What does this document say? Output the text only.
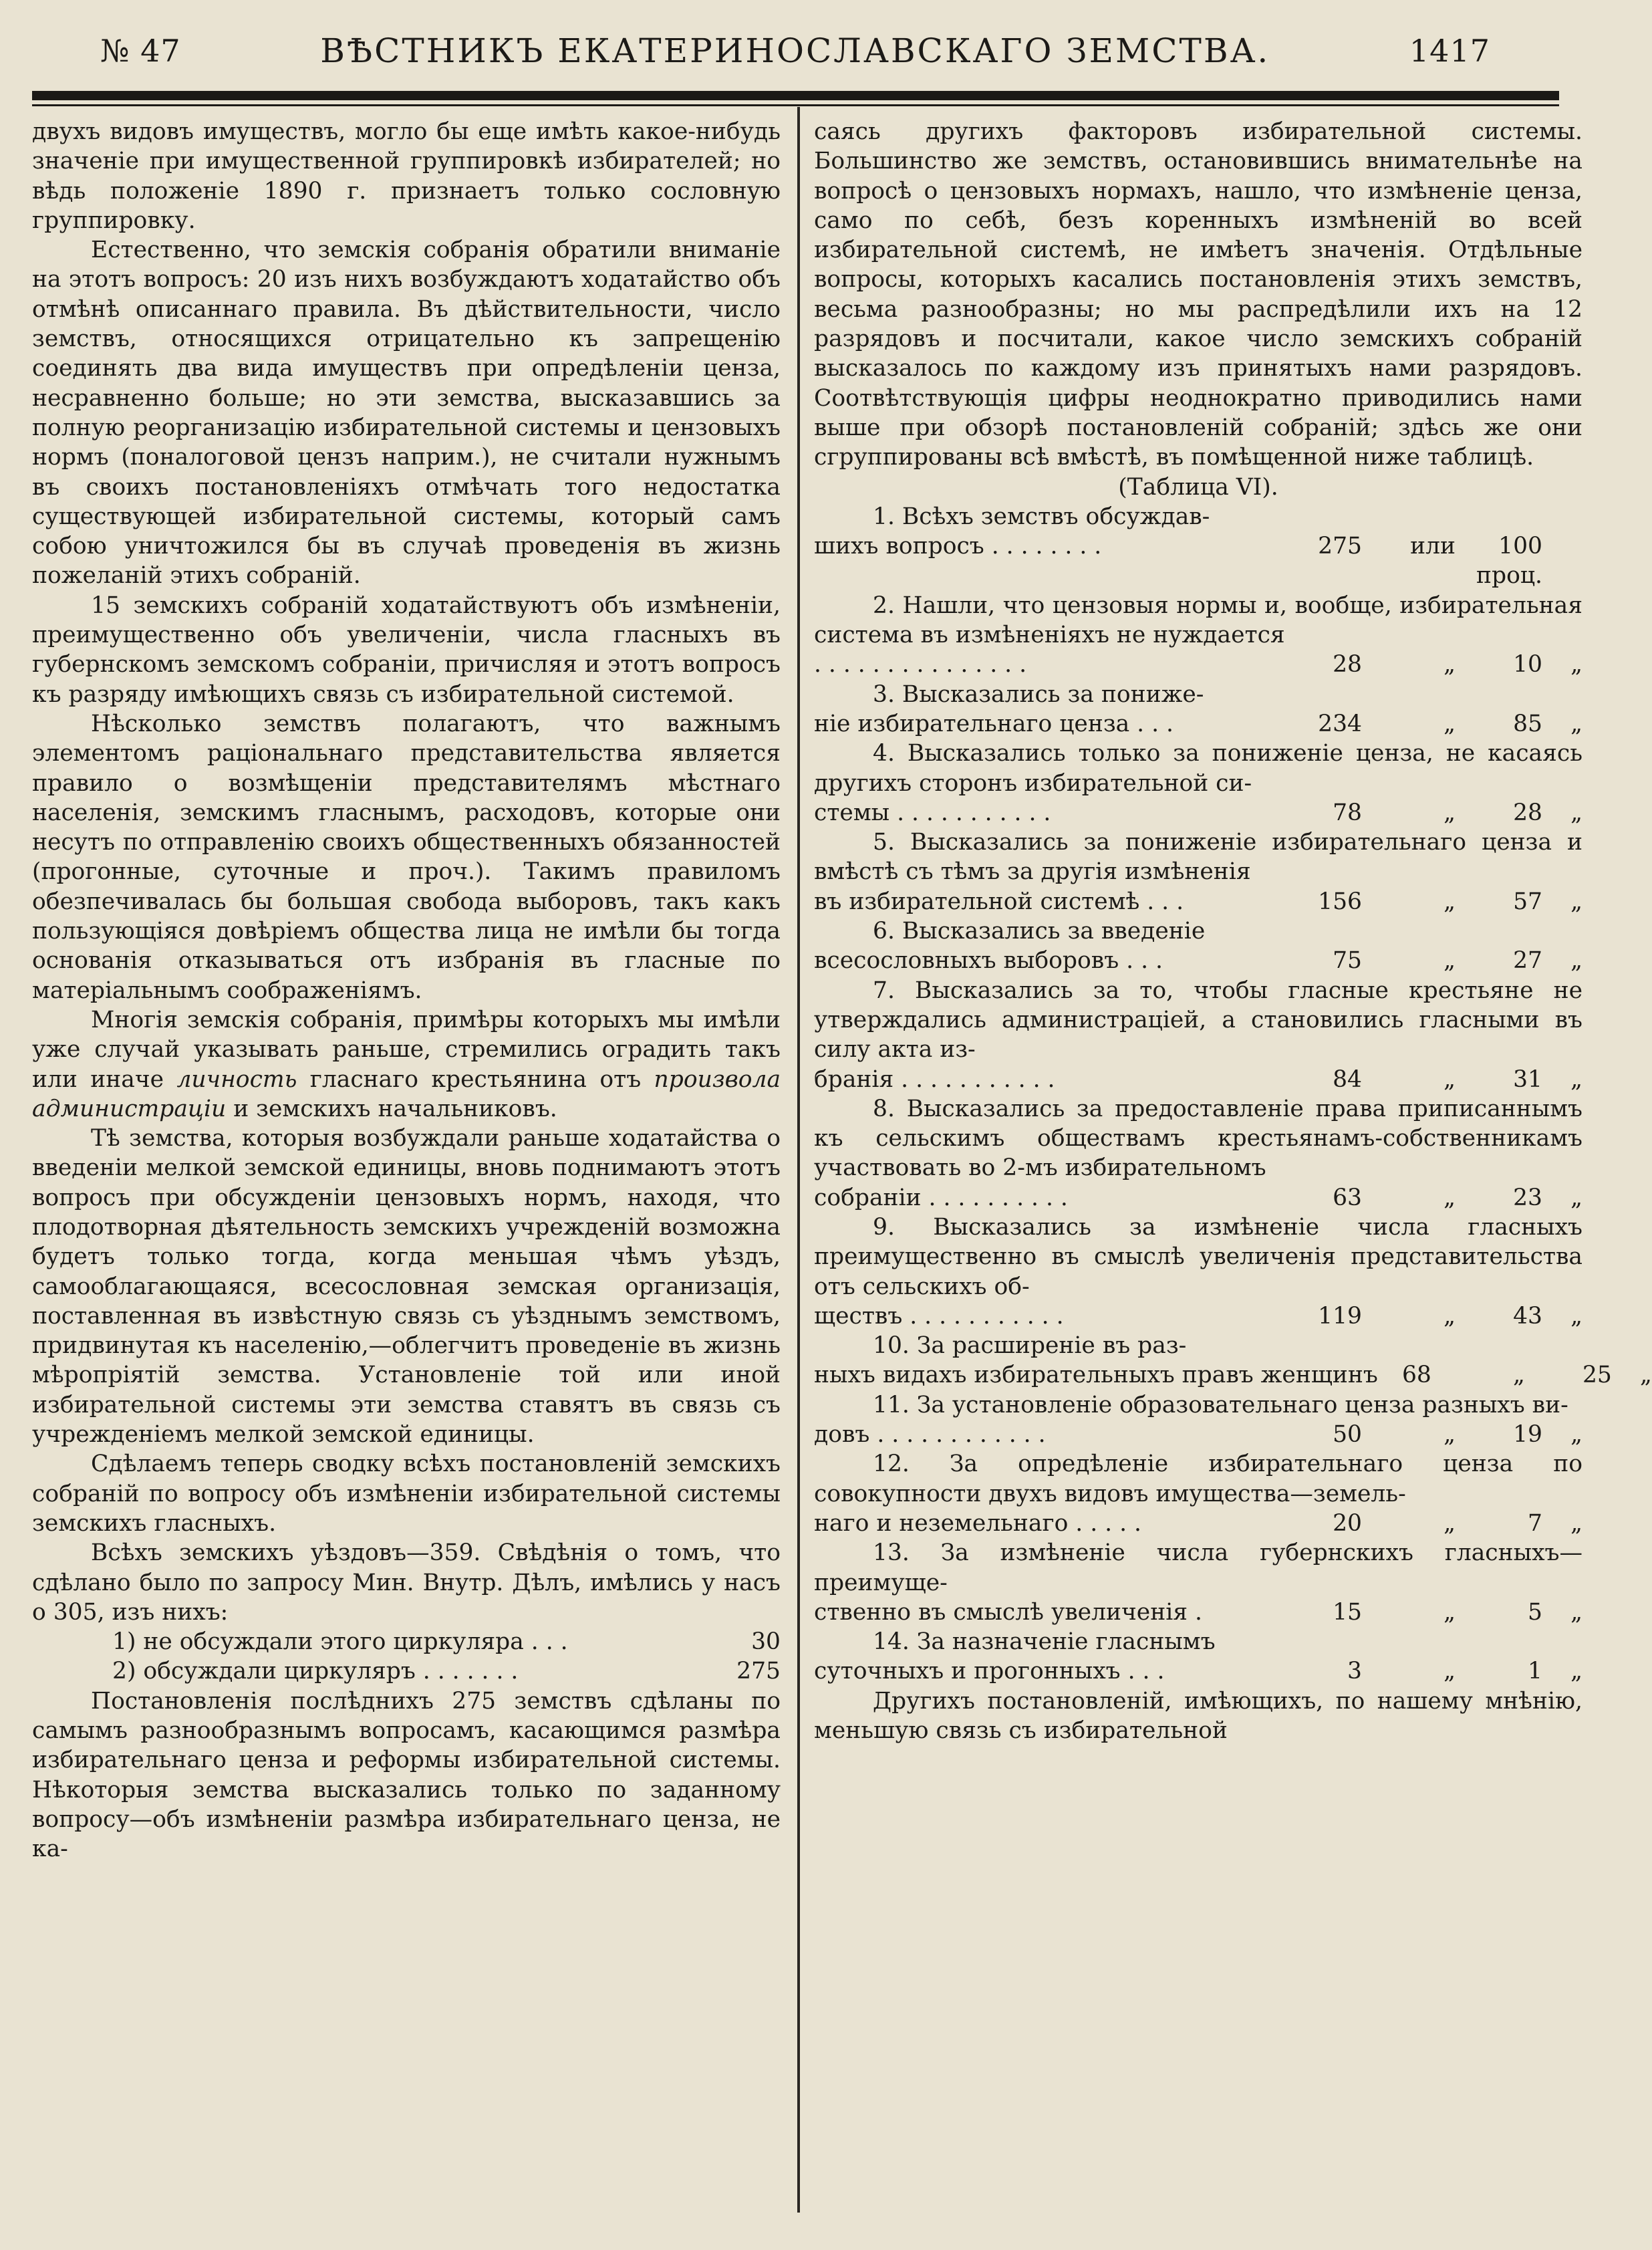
№ 47	ВѢСТНИКЪ ЕКАТЕРИНОСЛАВСКАГО ЗЕМСТВА.	1417

двухъ видовъ имуществъ, могло бы еще имѣть какое-нибудь значеніе при имущественной группировкѣ избирателей; но вѣдь положеніе 1890 г. признаетъ только сословную группировку.

Естественно, что земскія собранія обратили вниманіе на этотъ вопросъ: 20 изъ нихъ возбуждаютъ ходатайство объ отмѣнѣ описаннаго правила. Въ дѣйствительности, число земствъ, относящихся отрицательно къ запрещенію соединять два вида имуществъ при опредѣленіи ценза, несравненно больше; но эти земства, высказавшись за полную реорганизацію избирательной системы и цензовыхъ нормъ (поналоговой цензъ наприм.), не считали нужнымъ въ своихъ постановленіяхъ отмѣчать того недостатка существующей избирательной системы, который самъ собою уничтожился бы въ случаѣ проведенія въ жизнь пожеланій этихъ собраній.

15 земскихъ собраній ходатайствуютъ объ измѣненіи, преимущественно объ увеличеніи, числа гласныхъ въ губернскомъ земскомъ собраніи, причисляя и этотъ вопросъ къ разряду имѣющихъ связь съ избирательной системой.

Нѣсколько земствъ полагаютъ, что важнымъ элементомъ раціональнаго представительства является правило о возмѣщеніи представителямъ мѣстнаго населенія, земскимъ гласнымъ, расходовъ, которые они несутъ по отправленію своихъ общественныхъ обязанностей (прогонные, суточные и проч.). Такимъ правиломъ обезпечивалась бы большая свобода выборовъ, такъ какъ пользующіяся довѣріемъ общества лица не имѣли бы тогда основанія отказываться отъ избранія въ гласные по матеріальнымъ соображеніямъ.

Многія земскія собранія, примѣры которыхъ мы имѣли уже случай указывать раньше, стремились оградить такъ или иначе личность гласнаго крестьянина отъ произвола администраціи и земскихъ начальниковъ.

Тѣ земства, которыя возбуждали раньше ходатайства о введеніи мелкой земской единицы, вновь поднимаютъ этотъ вопросъ при обсужденіи цензовыхъ нормъ, находя, что плодотворная дѣятельность земскихъ учрежденій возможна будетъ только тогда, когда меньшая чѣмъ уѣздъ, самооблагающаяся, всесословная земская организація, поставленная въ извѣстную связь съ уѣзднымъ земствомъ, придвинутая къ населенію,—облегчитъ проведеніе въ жизнь мѣропріятій земства. Установленіе той или иной избирательной системы эти земства ставятъ въ связь съ учрежденіемъ мелкой земской единицы.

Сдѣлаемъ теперь сводку всѣхъ постановленій земскихъ собраній по вопросу объ измѣненіи избирательной системы земскихъ гласныхъ.

Всѣхъ земскихъ уѣздовъ—359. Свѣдѣнія о томъ, что сдѣлано было по запросу Мин. Внутр. Дѣлъ, имѣлись у насъ о 305, изъ нихъ:

1) не обсуждали этого циркуляра . . .	30
2) обсуждали циркуляръ . . . . . . .	275

Постановленія послѣднихъ 275 земствъ сдѣланы по самымъ разнообразнымъ вопросамъ, касающимся размѣра избирательнаго ценза и реформы избирательной системы. Нѣкоторыя земства высказались только по заданному вопросу—объ измѣненіи размѣра избирательнаго ценза, не ка-

саясь другихъ факторовъ избирательной системы. Большинство же земствъ, остановившись внимательнѣе на вопросѣ о цензовыхъ нормахъ, нашло, что измѣненіе ценза, само по себѣ, безъ коренныхъ измѣненій во всей избирательной системѣ, не имѣетъ значенія. Отдѣльные вопросы, которыхъ касались постановленія этихъ земствъ, весьма разнообразны; но мы распредѣлили ихъ на 12 разрядовъ и посчитали, какое число земскихъ собраній высказалось по каждому изъ принятыхъ нами разрядовъ. Соотвѣтствующія цифры неоднократно приводились нами выше при обзорѣ постановленій собраній; здѣсь же они сгруппированы всѣ вмѣстѣ, въ помѣщенной ниже таблицѣ.

(Таблица VI).

1. Всѣхъ земствъ обсуждав-
шихъ вопросъ . . . . . . . .	275	или	100 проц.
2. Нашли, что цензовыя нормы и, вообще, избирательная система въ измѣненіяхъ не нуждается
. . . . . . . . . . . . . . .	28	„	10	„
3. Высказались за пониже-
ніе избирательнаго ценза . . .	234	„	85	„
4. Высказались только за пониженіе ценза, не касаясь другихъ сторонъ избирательной си-
стемы . . . . . . . . . . .	78	„	28	„
5. Высказались за пониженіе избирательнаго ценза и вмѣстѣ съ тѣмъ за другія измѣненія
въ избирательной системѣ . . .	156	„	57	„
6. Высказались за введеніе
всесословныхъ выборовъ . . .	75	„	27	„
7. Высказались за то, чтобы гласные крестьяне не утверждались администраціей, а становились гласными въ силу акта из-
бранія . . . . . . . . . . .	84	„	31	„
8. Высказались за предоставленіе права приписаннымъ къ сельскимъ обществамъ крестьянамъ-собственникамъ участвовать во 2-мъ избирательномъ
собраніи . . . . . . . . . .	63	„	23	„
9. Высказались за измѣненіе числа гласныхъ преимущественно въ смыслѣ увеличенія представительства отъ сельскихъ об-
ществъ . . . . . . . . . . .	119	„	43	„
10. За расширеніе въ раз-
ныхъ видахъ избирательныхъ правъ женщинъ	68	„	25	„
11. За установленіе образовательнаго ценза разныхъ ви-
довъ . . . . . . . . . . . .	50	„	19	„
12. За опредѣленіе избирательнаго ценза по совокупности двухъ видовъ имущества—земель-
наго и неземельнаго . . . . .	20	„	7	„
13. За измѣненіе числа губернскихъ гласныхъ—преимуще-
ственно въ смыслѣ увеличенія .	15	„	5	„
14. За назначеніе гласнымъ
суточныхъ и прогонныхъ . . .	3	„	1	„

Другихъ постановленій, имѣющихъ, по нашему мнѣнію, меньшую связь съ избирательной
